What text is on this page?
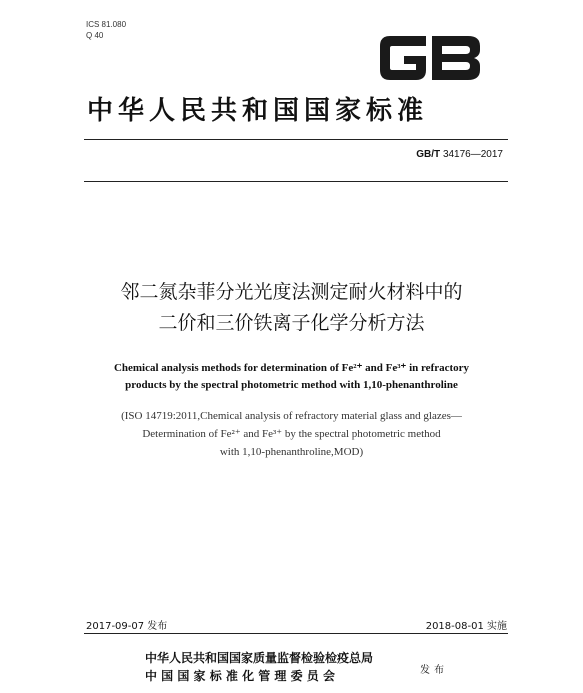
ICS 81.080
Q 40
中华人民共和国国家标准
GB/T 34176—2017
邻二氮杂菲分光光度法测定耐火材料中的
二价和三价铁离子化学分析方法
Chemical analysis methods for determination of Fe²⁺ and Fe³⁺ in refractory
products by the spectral photometric method with 1,10-phenanthroline
(ISO 14719:2011,Chemical analysis of refractory material glass and glazes—
Determination of Fe²⁺ and Fe³⁺ by the spectral photometric method
with 1,10-phenanthroline,MOD)
2017-09-07 发布	2018-08-01 实施
中华人民共和国国家质量监督检验检疫总局
中 国 国 家 标 准 化 管 理 委 员 会	发布
